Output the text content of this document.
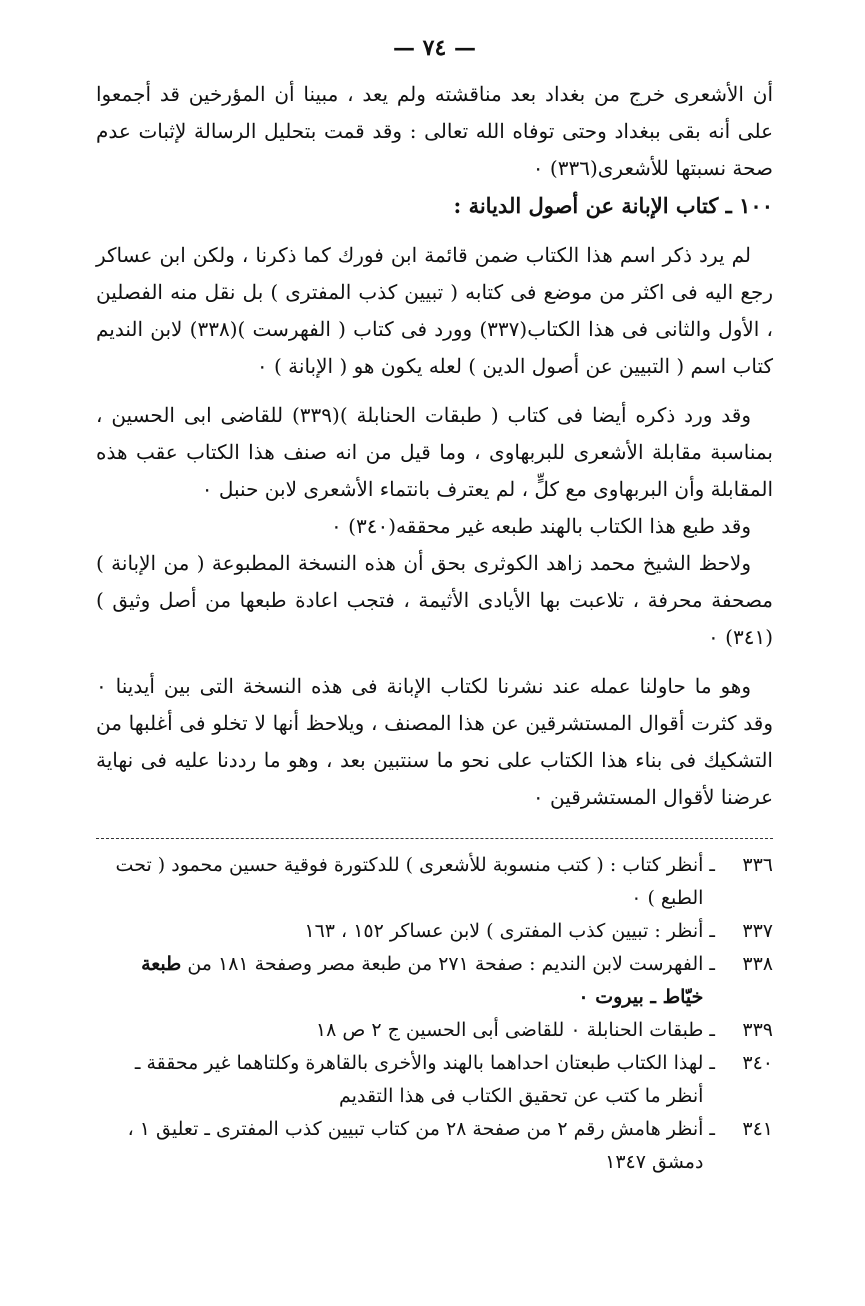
— ٧٤ —

أن الأشعرى خرج من بغداد بعد مناقشته ولم يعد ، مبينا أن المؤرخين قد أجمعوا على أنه بقى ببغداد وحتى توفاه الله تعالى : وقد قمت بتحليل الرسالة لإثبات عدم صحة نسبتها للأشعرى(٣٣٦) ٠

١٠٠ ـ كتاب الإبانة عن أصول الديانة :

لم يرد ذكر اسم هذا الكتاب ضمن قائمة ابن فورك كما ذكرنا ، ولكن ابن عساكر رجع اليه فى اكثر من موضع فى كتابه ( تبيين كذب المفترى ) بل نقل منه الفصلين ، الأول والثانى فى هذا الكتاب(٣٣٧) وورد فى كتاب ( الفهرست )(٣٣٨) لابن النديم كتاب اسم ( التبيين عن أصول الدين ) لعله يكون هو ( الإبانة ) ٠

وقد ورد ذكره أيضا فى كتاب ( طبقات الحنابلة )(٣٣٩) للقاضى ابى الحسين ، بمناسبة مقابلة الأشعرى للبربهاوى ، وما قيل من انه صنف هذا الكتاب عقب هذه المقابلة وأن البربهاوى مع كلٍّ ، لم يعترف بانتماء الأشعرى لابن حنبل ٠

وقد طبع هذا الكتاب بالهند طبعه غير محققه(٣٤٠) ٠

ولاحظ الشيخ محمد زاهد الكوثرى بحق أن هذه النسخة المطبوعة ( من الإبانة ) مصحفة محرفة ، تلاعبت بها الأيادى الأثيمة ، فتجب اعادة طبعها من أصل وثيق )(٣٤١) ٠

وهو ما حاولنا عمله عند نشرنا لكتاب الإبانة فى هذه النسخة التى بين أيدينا ٠ وقد كثرت أقوال المستشرقين عن هذا المصنف ، ويلاحظ أنها لا تخلو فى أغلبها من التشكيك فى بناء هذا الكتاب على نحو ما سنتبين بعد ، وهو ما رددنا عليه فى نهاية عرضنا لأقوال المستشرقين ٠

٣٣٦
ـ
أنظر كتاب : ( كتب منسوبة للأشعرى ) للدكتورة فوقية حسين محمود ( تحت الطبع ) ٠
٣٣٧
ـ
أنظر : تبيين كذب المفترى ) لابن عساكر ١٥٢ ، ١٦٣
٣٣٨
ـ
الفهرست لابن النديم : صفحة ٢٧١ من طبعة مصر وصفحة ١٨١ من طبعة خيّاط ـ بيروت ٠
٣٣٩
ـ
طبقات الحنابلة ٠ للقاضى أبى الحسين ج ٢ ص ١٨
٣٤٠
ـ
لهذا الكتاب طبعتان احداهما بالهند والأخرى بالقاهرة وكلتاهما غير محققة ـ أنظر ما كتب عن تحقيق الكتاب فى هذا التقديم
٣٤١
ـ
أنظر هامش رقم ٢ من صفحة ٢٨ من كتاب تبيين كذب المفترى ـ تعليق ١ ، دمشق ١٣٤٧
